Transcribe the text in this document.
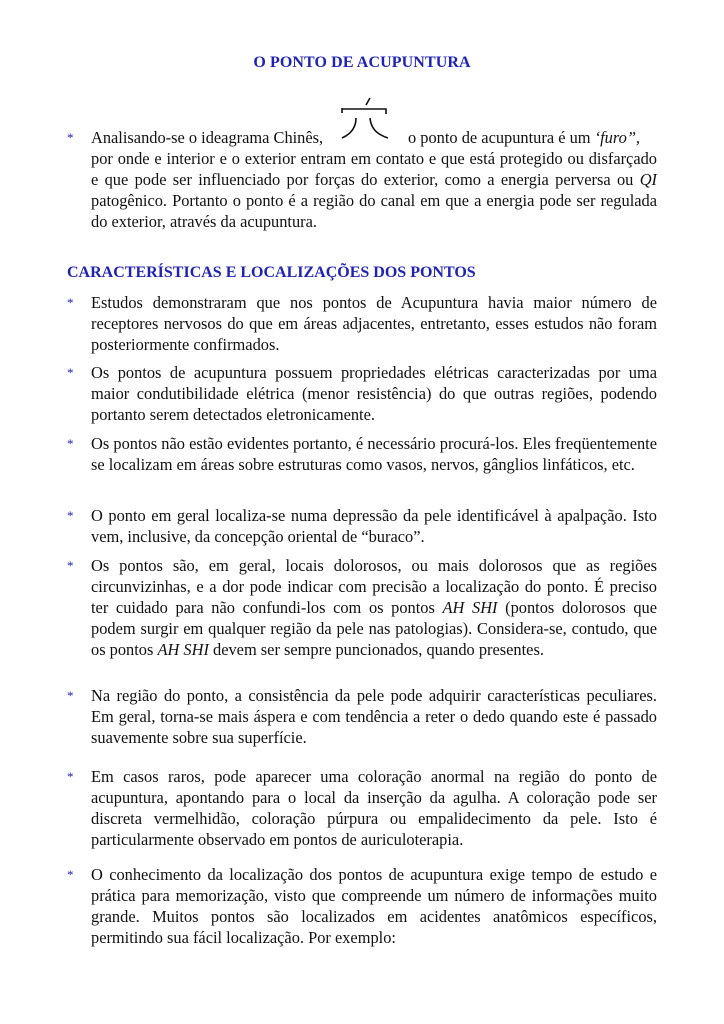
O PONTO DE ACUPUNTURA
*	Analisando-se o ideagrama Chinês,	o ponto de acupuntura é um ‘furo”,
por onde e interior e o exterior entram em contato e que está protegido ou disfarçado e que pode ser influenciado por forças do exterior, como a energia perversa ou QI patogênico. Portanto o ponto é a região do canal em que a energia pode ser regulada do exterior, através da acupuntura.
CARACTERÍSTICAS E LOCALIZAÇÕES DOS PONTOS
*	Estudos demonstraram que nos pontos de Acupuntura havia maior número de receptores nervosos do que em áreas adjacentes, entretanto, esses estudos não foram posteriormente confirmados.
*	Os pontos de acupuntura possuem propriedades elétricas caracterizadas por uma maior condutibilidade elétrica (menor resistência) do que outras regiões, podendo portanto serem detectados eletronicamente.
*	Os pontos não estão evidentes portanto, é necessário procurá-los. Eles freqüentemente se localizam em áreas sobre estruturas como vasos, nervos, gânglios linfáticos, etc.
*	O ponto em geral localiza-se numa depressão da pele identificável à apalpação. Isto vem, inclusive, da concepção oriental de “buraco”.
*	Os pontos são, em geral, locais dolorosos, ou mais dolorosos que as regiões circunvizinhas, e a dor pode indicar com precisão a localização do ponto. É preciso ter cuidado para não confundi-los com os pontos AH SHI (pontos dolorosos que podem surgir em qualquer região da pele nas patologias). Considera-se, contudo, que os pontos AH SHI devem ser sempre puncionados, quando presentes.
*	Na região do ponto, a consistência da pele pode adquirir características peculiares. Em geral, torna-se mais áspera e com tendência a reter o dedo quando este é passado suavemente sobre sua superfície.
*	Em casos raros, pode aparecer uma coloração anormal na região do ponto de acupuntura, apontando para o local da inserção da agulha. A coloração pode ser discreta vermelhidão, coloração púrpura ou empalidecimento da pele. Isto é particularmente observado em pontos de auriculoterapia.
*	O conhecimento da localização dos pontos de acupuntura exige tempo de estudo e prática para memorização, visto que compreende um número de informações muito grande. Muitos pontos são localizados em acidentes anatômicos específicos, permitindo sua fácil localização. Por exemplo:
